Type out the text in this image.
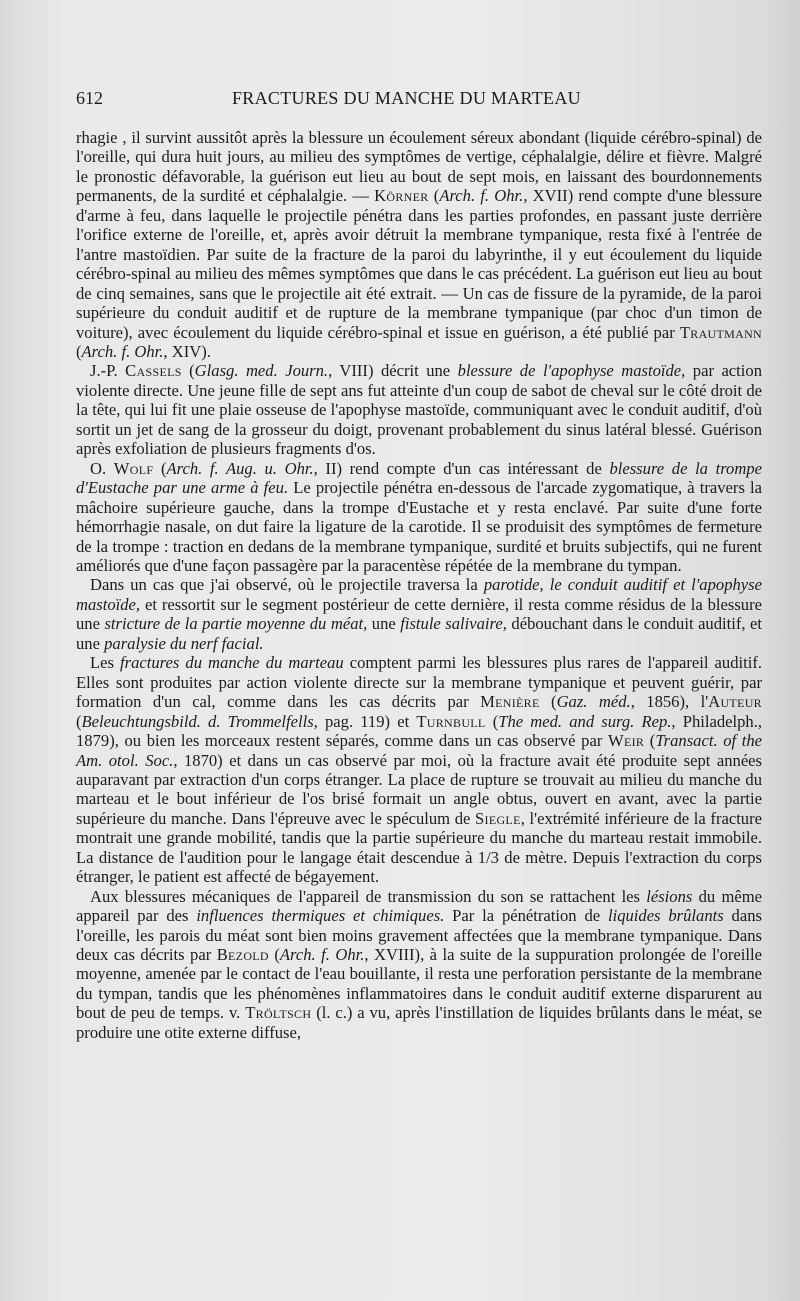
612	FRACTURES DU MANCHE DU MARTEAU

rhagie , il survint aussitôt après la blessure un écoulement séreux abondant (liquide cérébro-spinal) de l'oreille, qui dura huit jours, au milieu des symptômes de vertige, céphalalgie, délire et fièvre. Malgré le pronostic défavorable, la guérison eut lieu au bout de sept mois, en laissant des bourdonnements permanents, de la surdité et céphalalgie. — Körner (Arch. f. Ohr., XVII) rend compte d'une blessure d'arme à feu, dans laquelle le projectile pénétra dans les parties profondes, en passant juste derrière l'orifice externe de l'oreille, et, après avoir détruit la membrane tympanique, resta fixé à l'entrée de l'antre mastoïdien. Par suite de la fracture de la paroi du labyrinthe, il y eut écoulement du liquide cérébro-spinal au milieu des mêmes symptômes que dans le cas précédent. La guérison eut lieu au bout de cinq semaines, sans que le projectile ait été extrait. — Un cas de fissure de la pyramide, de la paroi supérieure du conduit auditif et de rupture de la membrane tympanique (par choc d'un timon de voiture), avec écoulement du liquide cérébro-spinal et issue en guérison, a été publié par Trautmann (Arch. f. Ohr., XIV).

J.-P. Cassels (Glasg. med. Journ., VIII) décrit une blessure de l'apophyse mastoïde, par action violente directe. Une jeune fille de sept ans fut atteinte d'un coup de sabot de cheval sur le côté droit de la tête, qui lui fit une plaie osseuse de l'apophyse mastoïde, communiquant avec le conduit auditif, d'où sortit un jet de sang de la grosseur du doigt, provenant probablement du sinus latéral blessé. Guérison après exfoliation de plusieurs fragments d'os.

O. Wolf (Arch. f. Aug. u. Ohr., II) rend compte d'un cas intéressant de blessure de la trompe d'Eustache par une arme à feu. Le projectile pénétra en-dessous de l'arcade zygomatique, à travers la mâchoire supérieure gauche, dans la trompe d'Eustache et y resta enclavé. Par suite d'une forte hémorrhagie nasale, on dut faire la ligature de la carotide. Il se produisit des symptômes de fermeture de la trompe : traction en dedans de la membrane tympanique, surdité et bruits subjectifs, qui ne furent améliorés que d'une façon passagère par la paracentèse répétée de la membrane du tympan.

Dans un cas que j'ai observé, où le projectile traversa la parotide, le conduit auditif et l'apophyse mastoïde, et ressortit sur le segment postérieur de cette dernière, il resta comme résidus de la blessure une stricture de la partie moyenne du méat, une fistule salivaire, débouchant dans le conduit auditif, et une paralysie du nerf facial.

Les fractures du manche du marteau comptent parmi les blessures plus rares de l'appareil auditif. Elles sont produites par action violente directe sur la membrane tympanique et peuvent guérir, par formation d'un cal, comme dans les cas décrits par Menière (Gaz. méd., 1856), l'Auteur (Beleuchtungsbild. d. Trommelfells, pag. 119) et Turnbull (The med. and surg. Rep., Philadelph., 1879), ou bien les morceaux restent séparés, comme dans un cas observé par Weir (Transact. of the Am. otol. Soc., 1870) et dans un cas observé par moi, où la fracture avait été produite sept années auparavant par extraction d'un corps étranger. La place de rupture se trouvait au milieu du manche du marteau et le bout inférieur de l'os brisé formait un angle obtus, ouvert en avant, avec la partie supérieure du manche. Dans l'épreuve avec le spéculum de Siegle, l'extrémité inférieure de la fracture montrait une grande mobilité, tandis que la partie supérieure du manche du marteau restait immobile. La distance de l'audition pour le langage était descendue à 1/3 de mètre. Depuis l'extraction du corps étranger, le patient est affecté de bégayement.

Aux blessures mécaniques de l'appareil de transmission du son se rattachent les lésions du même appareil par des influences thermiques et chimiques. Par la pénétration de liquides brûlants dans l'oreille, les parois du méat sont bien moins gravement affectées que la membrane tympanique. Dans deux cas décrits par Bezold (Arch. f. Ohr., XVIII), à la suite de la suppuration prolongée de l'oreille moyenne, amenée par le contact de l'eau bouillante, il resta une perforation persistante de la membrane du tympan, tandis que les phénomènes inflammatoires dans le conduit auditif externe disparurent au bout de peu de temps. v. Tröltsch (l. c.) a vu, après l'instillation de liquides brûlants dans le méat, se produire une otite externe diffuse,
